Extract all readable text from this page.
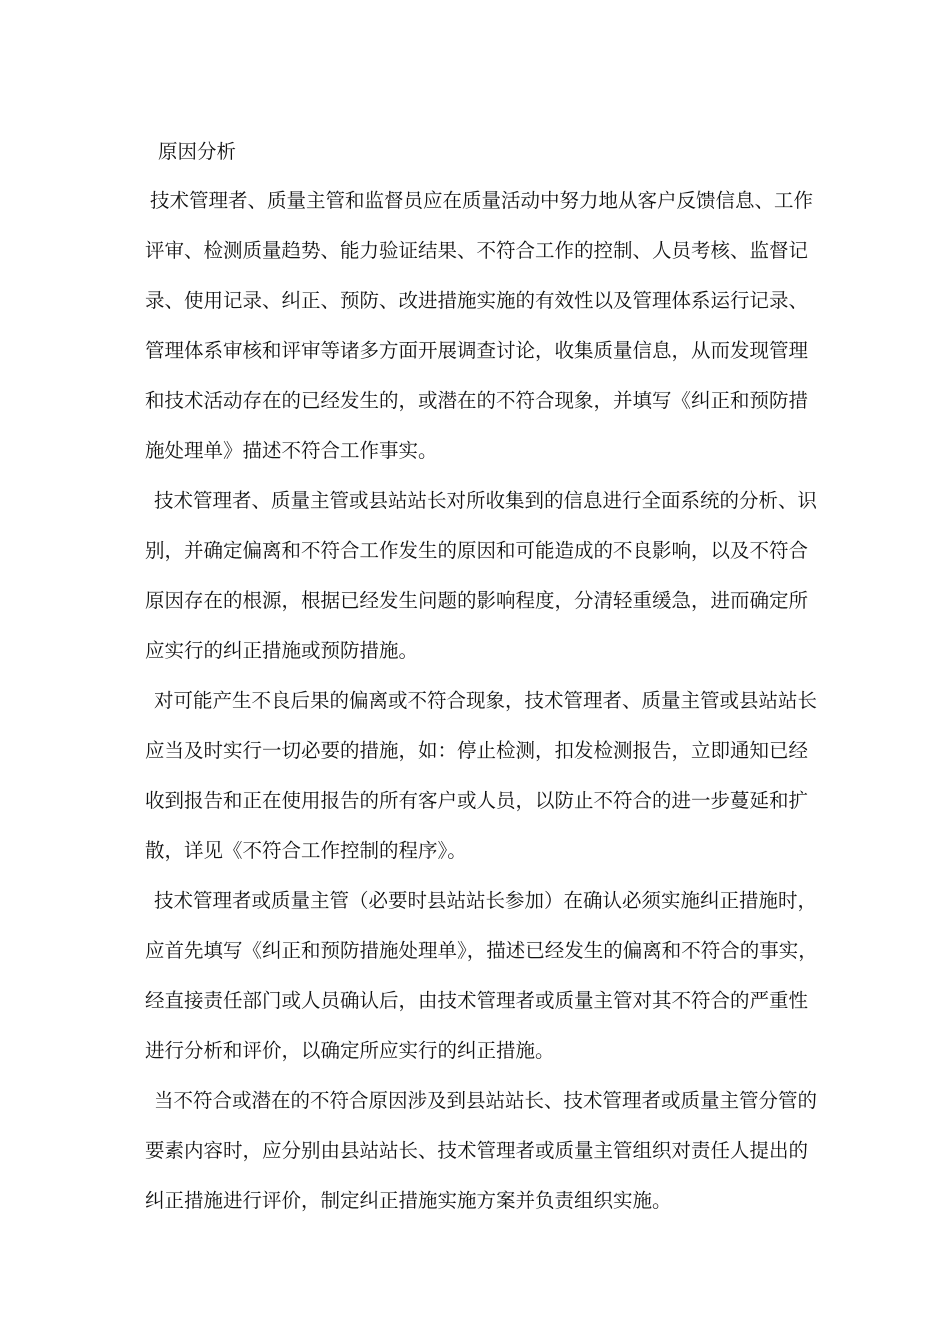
原因分析
技术管理者、质量主管和监督员应在质量活动中努力地从客户反馈信息、工作
评审、检测质量趋势、能力验证结果、不符合工作的控制、人员考核、监督记
录、使用记录、纠正、预防、改进措施实施的有效性以及管理体系运行记录、
管理体系审核和评审等诸多方面开展调查讨论，收集质量信息，从而发现管理
和技术活动存在的已经发生的，或潜在的不符合现象，并填写《纠正和预防措
施处理单》描述不符合工作事实。
技术管理者、质量主管或县站站长对所收集到的信息进行全面系统的分析、识
别，并确定偏离和不符合工作发生的原因和可能造成的不良影响，以及不符合
原因存在的根源，根据已经发生问题的影响程度，分清轻重缓急，进而确定所
应实行的纠正措施或预防措施。
对可能产生不良后果的偏离或不符合现象，技术管理者、质量主管或县站站长
应当及时实行一切必要的措施，如：停止检测，扣发检测报告，立即通知已经
收到报告和正在使用报告的所有客户或人员，以防止不符合的进一步蔓延和扩
散，详见《不符合工作控制的程序》。
技术管理者或质量主管（必要时县站站长参加）在确认必须实施纠正措施时，
应首先填写《纠正和预防措施处理单》，描述已经发生的偏离和不符合的事实，
经直接责任部门或人员确认后，由技术管理者或质量主管对其不符合的严重性
进行分析和评价，以确定所应实行的纠正措施。
当不符合或潜在的不符合原因涉及到县站站长、技术管理者或质量主管分管的
要素内容时，应分别由县站站长、技术管理者或质量主管组织对责任人提出的
纠正措施进行评价，制定纠正措施实施方案并负责组织实施。
